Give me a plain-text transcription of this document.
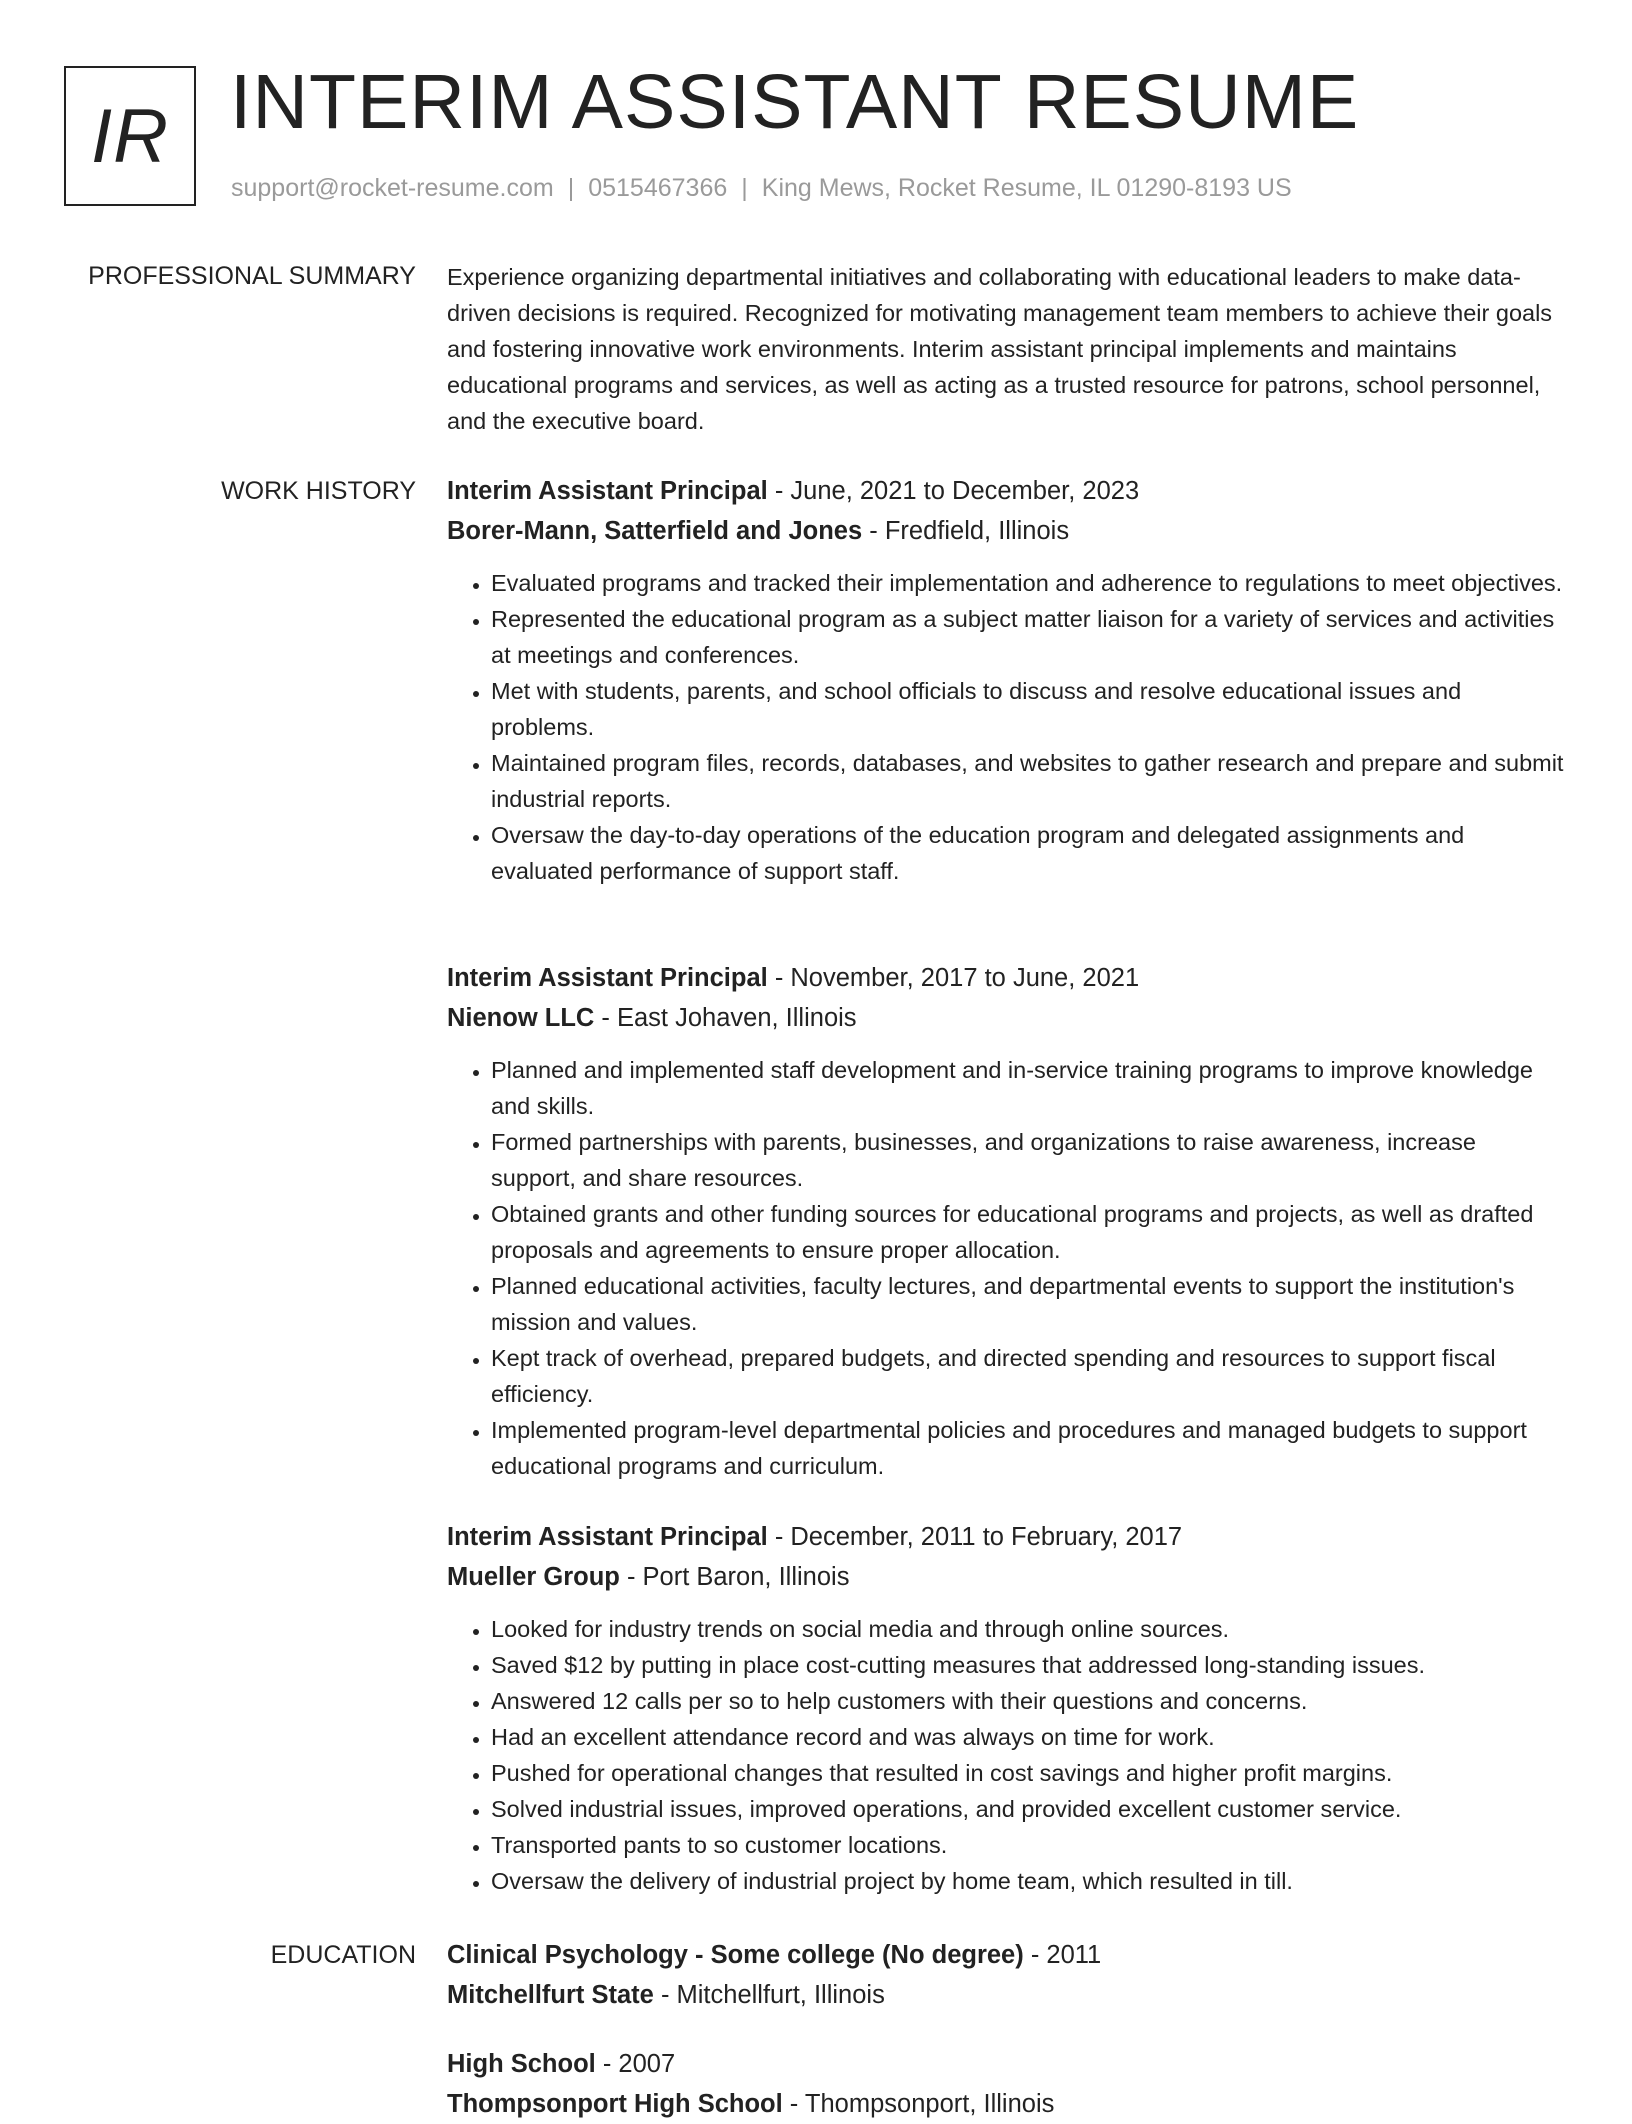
IR INTERIM ASSISTANT RESUME
support@rocket-resume.com | 0515467366 | King Mews, Rocket Resume, IL 01290-8193 US
PROFESSIONAL SUMMARY Experience organizing departmental initiatives and collaborating with educational leaders to make data-driven decisions is required. Recognized for motivating management team members to achieve their goals and fostering innovative work environments. Interim assistant principal implements and maintains educational programs and services, as well as acting as a trusted resource for patrons, school personnel, and the executive board.

WORK HISTORY Interim Assistant Principal - June, 2021 to December, 2023
Borer-Mann, Satterfield and Jones - Fredfield, Illinois
• Evaluated programs and tracked their implementation and adherence to regulations to meet objectives.
• Represented the educational program as a subject matter liaison for a variety of services and activities at meetings and conferences.
• Met with students, parents, and school officials to discuss and resolve educational issues and problems.
• Maintained program files, records, databases, and websites to gather research and prepare and submit industrial reports.
• Oversaw the day-to-day operations of the education program and delegated assignments and evaluated performance of support staff.
Interim Assistant Principal - November, 2017 to June, 2021
Nienow LLC - East Johaven, Illinois
• Planned and implemented staff development and in-service training programs to improve knowledge and skills.
• Formed partnerships with parents, businesses, and organizations to raise awareness, increase support, and share resources.
• Obtained grants and other funding sources for educational programs and projects, as well as drafted proposals and agreements to ensure proper allocation.
• Planned educational activities, faculty lectures, and departmental events to support the institution's mission and values.
• Kept track of overhead, prepared budgets, and directed spending and resources to support fiscal efficiency.
• Implemented program-level departmental policies and procedures and managed budgets to support educational programs and curriculum.
Interim Assistant Principal - December, 2011 to February, 2017
Mueller Group - Port Baron, Illinois
• Looked for industry trends on social media and through online sources.
• Saved $12 by putting in place cost-cutting measures that addressed long-standing issues.
• Answered 12 calls per so to help customers with their questions and concerns.
• Had an excellent attendance record and was always on time for work.
• Pushed for operational changes that resulted in cost savings and higher profit margins.
• Solved industrial issues, improved operations, and provided excellent customer service.
• Transported pants to so customer locations.
• Oversaw the delivery of industrial project by home team, which resulted in till.
EDUCATION Clinical Psychology - Some college (No degree) - 2011
Mitchellfurt State - Mitchellfurt, Illinois
High School - 2007
Thompsonport High School - Thompsonport, Illinois
